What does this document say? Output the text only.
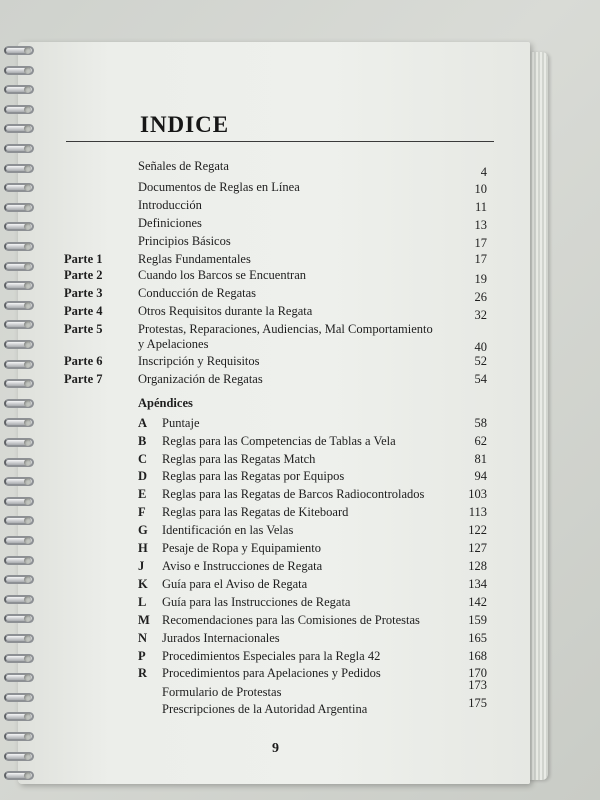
INDICE
Señales de Regata	4
Documentos de Reglas en Línea	10
Introducción	11
Definiciones	13
Principios Básicos	17
Parte 1	Reglas Fundamentales	17
Parte 2	Cuando los Barcos se Encuentran	19
Parte 3	Conducción de Regatas	26
Parte 4	Otros Requisitos durante la Regata	32
Parte 5	Protestas, Reparaciones, Audiencias, Mal Comportamiento
y Apelaciones	40
Parte 6	Inscripción y Requisitos	52
Parte 7	Organización de Regatas	54
Apéndices
A Puntaje	58
B Reglas para las Competencias de Tablas a Vela	62
C Reglas para las Regatas Match	81
D Reglas para las Regatas por Equipos	94
E Reglas para las Regatas de Barcos Radiocontrolados	103
F Reglas para las Regatas de Kiteboard	113
G Identificación en las Velas	122
H Pesaje de Ropa y Equipamiento	127
J Aviso e Instrucciones de Regata	128
K Guía para el Aviso de Regata	134
L Guía para las Instrucciones de Regata	142
M Recomendaciones para las Comisiones de Protestas	159
N Jurados Internacionales	165
P Procedimientos Especiales para la Regla 42	168
R Procedimientos para Apelaciones y Pedidos	170
Formulario de Protestas	173
Prescripciones de la Autoridad Argentina	175
9
